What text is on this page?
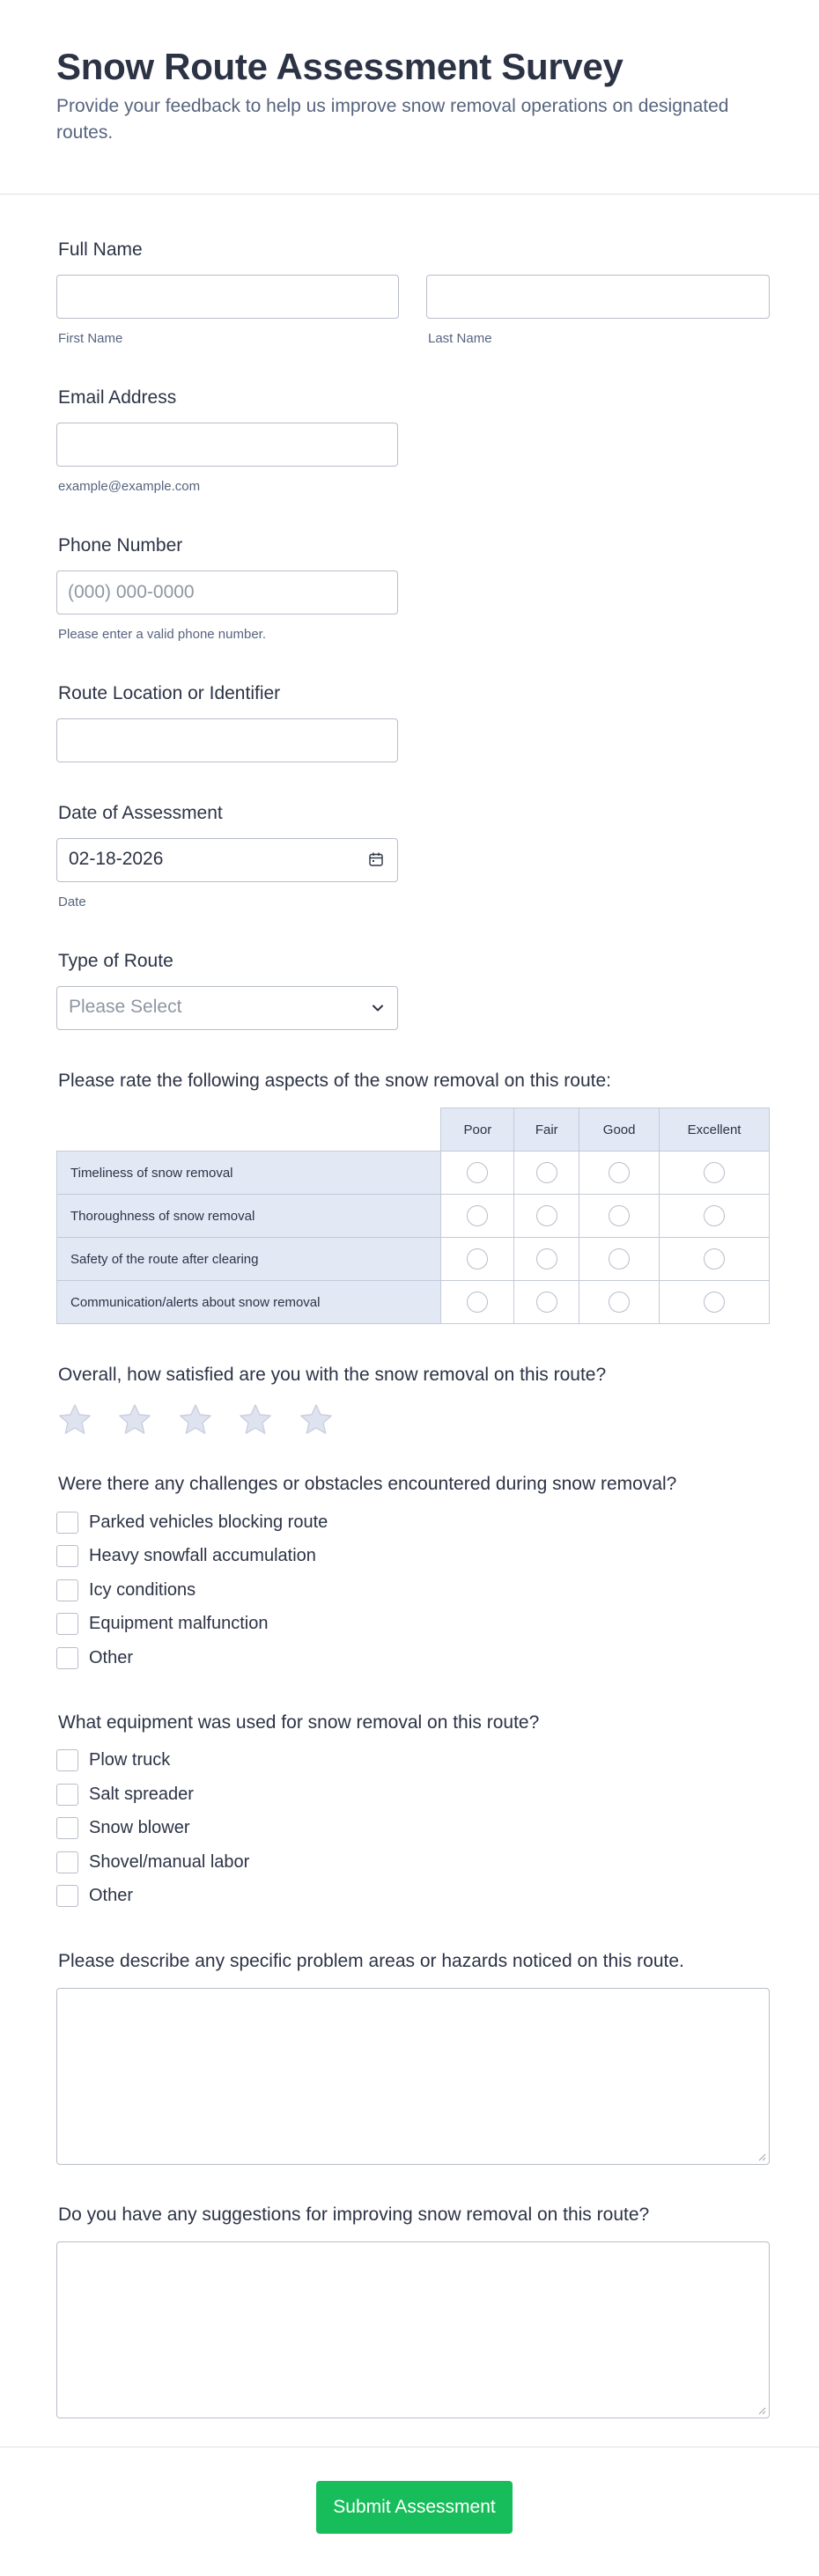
Snow Route Assessment Survey
Provide your feedback to help us improve snow removal operations on designated routes.
Full Name
First Name	Last Name
Email Address
example@example.com
Phone Number
(000) 000-0000
Please enter a valid phone number.
Route Location or Identifier
Date of Assessment
02-18-2026
Date
Type of Route
Please Select
Please rate the following aspects of the snow removal on this route:
	Poor	Fair	Good	Excellent
Timeliness of snow removal				
Thoroughness of snow removal				
Safety of the route after clearing				
Communication/alerts about snow removal				
Overall, how satisfied are you with the snow removal on this route?
Were there any challenges or obstacles encountered during snow removal?
Parked vehicles blocking route
Heavy snowfall accumulation
Icy conditions
Equipment malfunction
Other
What equipment was used for snow removal on this route?
Plow truck
Salt spreader
Snow blower
Shovel/manual labor
Other
Please describe any specific problem areas or hazards noticed on this route.
Do you have any suggestions for improving snow removal on this route?
Submit Assessment
